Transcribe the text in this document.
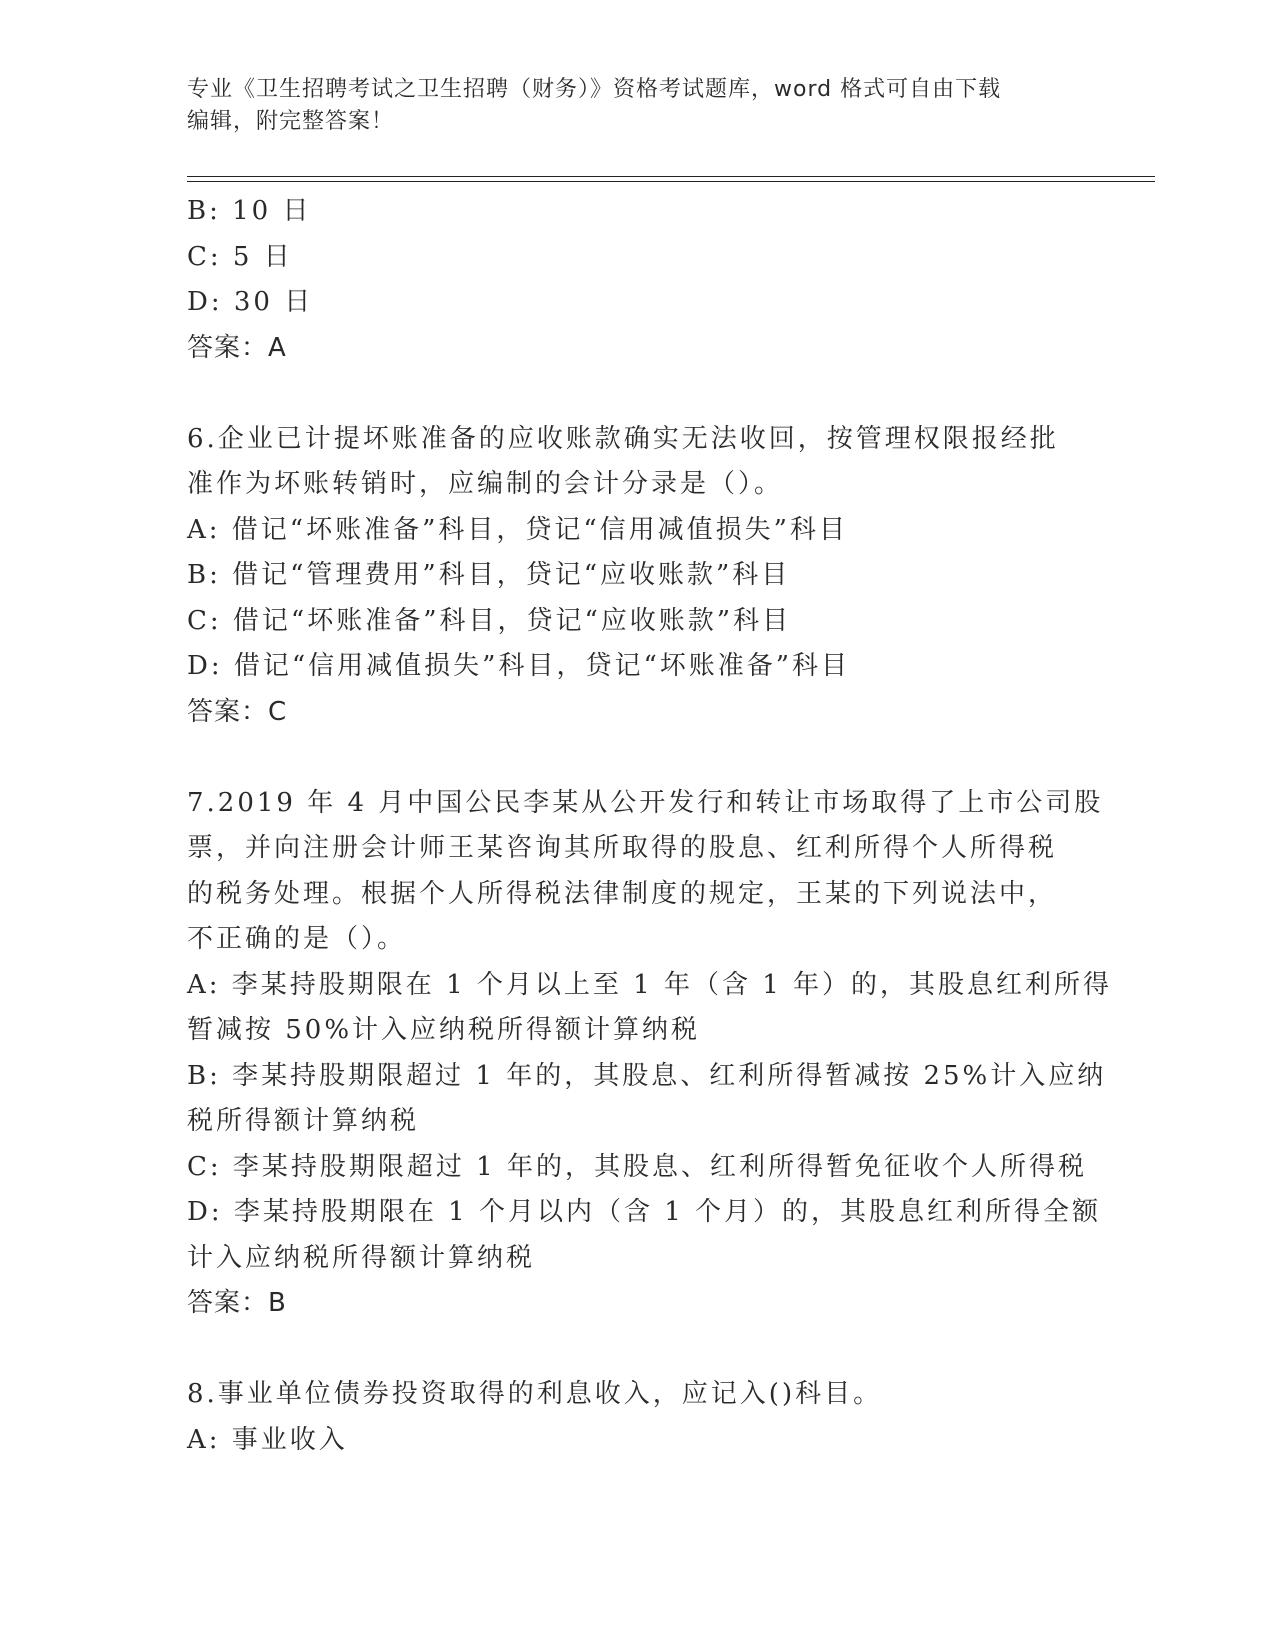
专业《卫生招聘考试之卫生招聘（财务）》资格考试题库，word 格式可自由下载
编辑，附完整答案！

B: 10 日

C: 5 日

D: 30 日

答案：A

6.企业已计提坏账准备的应收账款确实无法收回，按管理权限报经批

准作为坏账转销时，应编制的会计分录是（）。

A: 借记“坏账准备”科目，贷记“信用减值损失”科目

B: 借记“管理费用”科目，贷记“应收账款”科目

C: 借记“坏账准备”科目，贷记“应收账款”科目

D: 借记“信用减值损失”科目，贷记“坏账准备”科目

答案：C

7.2019 年 4 月中国公民李某从公开发行和转让市场取得了上市公司股

票，并向注册会计师王某咨询其所取得的股息、红利所得个人所得税

的税务处理。根据个人所得税法律制度的规定，王某的下列说法中，

不正确的是（）。

A: 李某持股期限在 1 个月以上至 1 年（含 1 年）的，其股息红利所得

暂减按 50%计入应纳税所得额计算纳税

B: 李某持股期限超过 1 年的，其股息、红利所得暂减按 25%计入应纳

税所得额计算纳税

C: 李某持股期限超过 1 年的，其股息、红利所得暂免征收个人所得税

D: 李某持股期限在 1 个月以内（含 1 个月）的，其股息红利所得全额

计入应纳税所得额计算纳税

答案：B

8.事业单位债券投资取得的利息收入，应记入()科目。

A: 事业收入
